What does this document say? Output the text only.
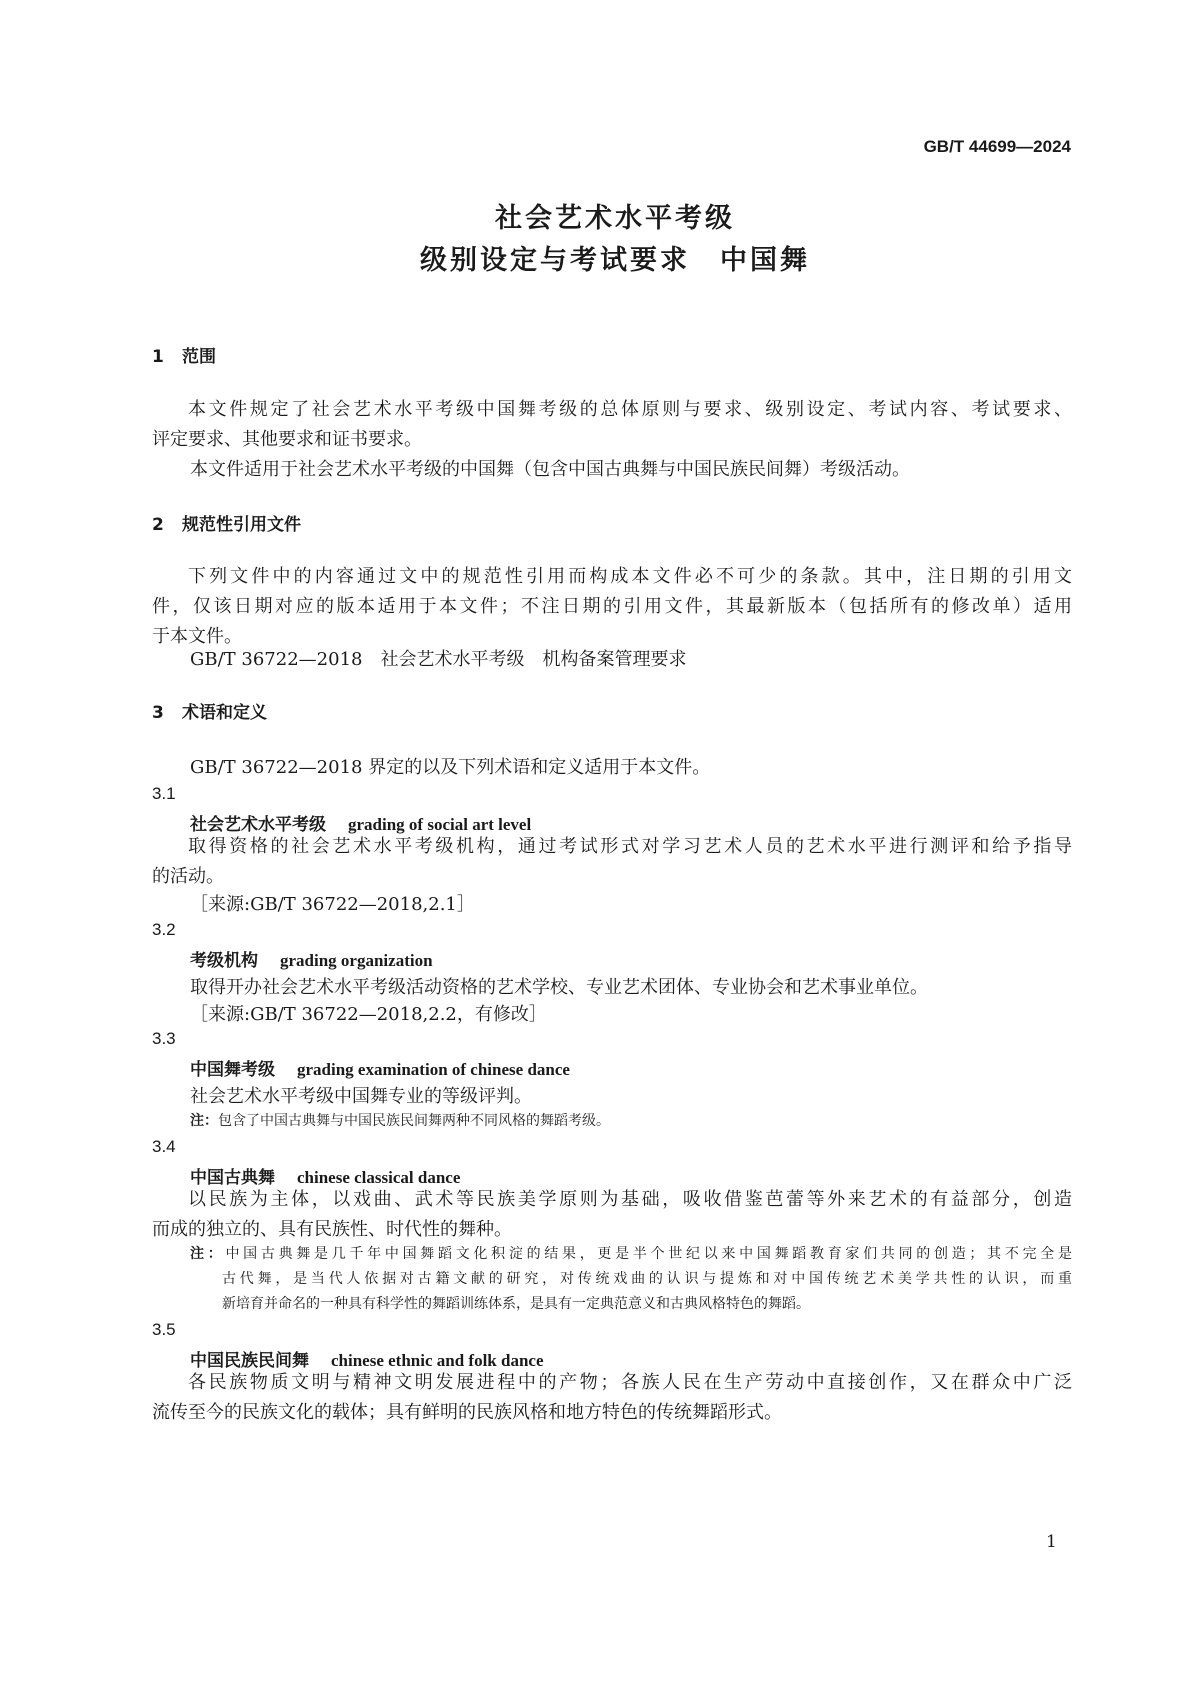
GB/T 44699—2024
社会艺术水平考级
级别设定与考试要求　中国舞
1 范围
本文件规定了社会艺术水平考级中国舞考级的总体原则与要求、级别设定、考试内容、考试要求、
评定要求、其他要求和证书要求。
本文件适用于社会艺术水平考级的中国舞（包含中国古典舞与中国民族民间舞）考级活动。
2 规范性引用文件
下列文件中的内容通过文中的规范性引用而构成本文件必不可少的条款。其中，注日期的引用文
件，仅该日期对应的版本适用于本文件；不注日期的引用文件，其最新版本（包括所有的修改单）适用
于本文件。
GB/T 36722—2018　社会艺术水平考级　机构备案管理要求
3 术语和定义
GB/T 36722—2018 界定的以及下列术语和定义适用于本文件。
3.1
社会艺术水平考级 grading of social art level
取得资格的社会艺术水平考级机构，通过考试形式对学习艺术人员的艺术水平进行测评和给予指导
的活动。
［来源:GB/T 36722—2018,2.1］
3.2
考级机构 grading organization
取得开办社会艺术水平考级活动资格的艺术学校、专业艺术团体、专业协会和艺术事业单位。
［来源:GB/T 36722—2018,2.2，有修改］
3.3
中国舞考级 grading examination of chinese dance
社会艺术水平考级中国舞专业的等级评判。
注：包含了中国古典舞与中国民族民间舞两种不同风格的舞蹈考级。
3.4
中国古典舞 chinese classical dance
以民族为主体，以戏曲、武术等民族美学原则为基础，吸收借鉴芭蕾等外来艺术的有益部分，创造
而成的独立的、具有民族性、时代性的舞种。
注：中国古典舞是几千年中国舞蹈文化积淀的结果，更是半个世纪以来中国舞蹈教育家们共同的创造；其不完全是
古代舞，是当代人依据对古籍文献的研究，对传统戏曲的认识与提炼和对中国传统艺术美学共性的认识，而重
新培育并命名的一种具有科学性的舞蹈训练体系，是具有一定典范意义和古典风格特色的舞蹈。
3.5
中国民族民间舞 chinese ethnic and folk dance
各民族物质文明与精神文明发展进程中的产物；各族人民在生产劳动中直接创作，又在群众中广泛
流传至今的民族文化的载体；具有鲜明的民族风格和地方特色的传统舞蹈形式。
1
